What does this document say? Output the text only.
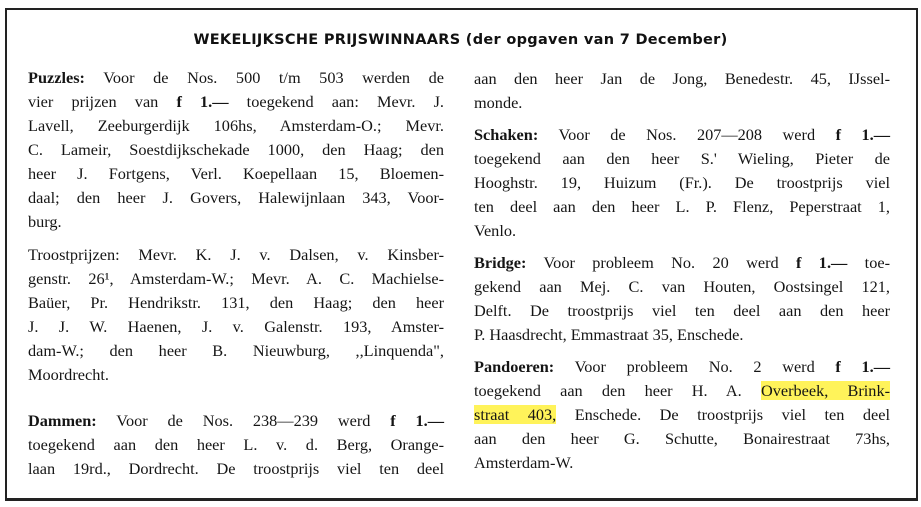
WEKELIJKSCHE PRIJSWINNAARS (der opgaven van 7 December)
Puzzles: Voor de Nos. 500 t/m 503 werden de
vier prijzen van f 1.— toegekend aan: Mevr. J.
Lavell, Zeeburgerdijk 106hs, Amsterdam-O.; Mevr.
C. Lameir, Soestdijkschekade 1000, den Haag; den
heer J. Fortgens, Verl. Koepellaan 15, Bloemen-
daal; den heer J. Govers, Halewijnlaan 343, Voor-
burg.
Troostprijzen: Mevr. K. J. v. Dalsen, v. Kinsber-
genstr. 26¹, Amsterdam-W.; Mevr. A. C. Machielse-
Baüer, Pr. Hendrikstr. 131, den Haag; den heer
J. J. W. Haenen, J. v. Galenstr. 193, Amster-
dam-W.; den heer B. Nieuwburg, ,,Linquenda",
Moordrecht.
Dammen: Voor de Nos. 238—239 werd f 1.—
toegekend aan den heer L. v. d. Berg, Orange-
laan 19rd., Dordrecht. De troostprijs viel ten deel
aan den heer Jan de Jong, Benedestr. 45, IJssel-
monde.
Schaken: Voor de Nos. 207—208 werd f 1.—
toegekend aan den heer S.' Wieling, Pieter de
Hooghstr. 19, Huizum (Fr.). De troostprijs viel
ten deel aan den heer L. P. Flenz, Peperstraat 1,
Venlo.
Bridge: Voor probleem No. 20 werd f 1.— toe-
gekend aan Mej. C. van Houten, Oostsingel 121,
Delft. De troostprijs viel ten deel aan den heer
P. Haasdrecht, Emmastraat 35, Enschede.
Pandoeren: Voor probleem No. 2 werd f 1.—
toegekend aan den heer H. A. Overbeek, Brink-
straat 403, Enschede. De troostprijs viel ten deel
aan den heer G. Schutte, Bonairestraat 73hs,
Amsterdam-W.
